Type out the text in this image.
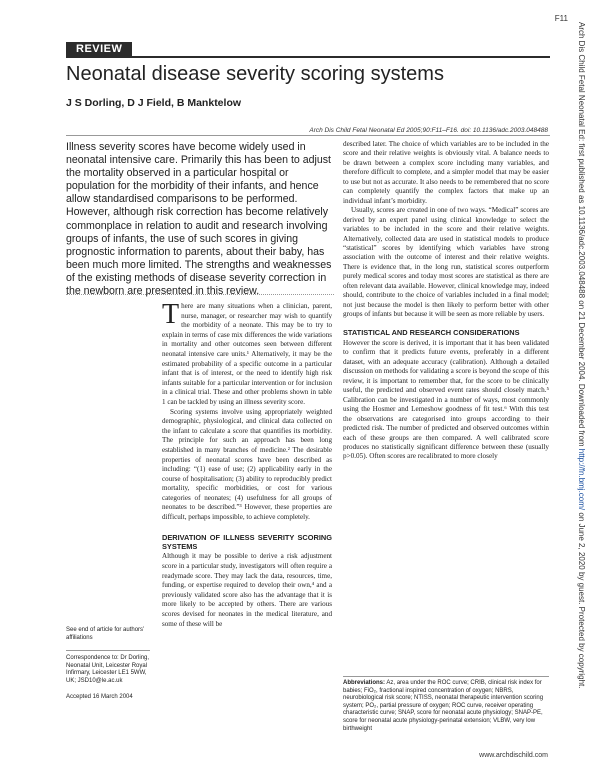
F11
REVIEW
Neonatal disease severity scoring systems
J S Dorling, D J Field, B Manktelow
Arch Dis Child Fetal Neonatal Ed 2005;90:F11–F16. doi: 10.1136/adc.2003.048488
Illness severity scores have become widely used in neonatal intensive care. Primarily this has been to adjust the mortality observed in a particular hospital or population for the morbidity of their infants, and hence allow standardised comparisons to be performed. However, although risk correction has become relatively commonplace in relation to audit and research involving groups of infants, the use of such scores in giving prognostic information to parents, about their baby, has been much more limited. The strengths and weaknesses of the existing methods of disease severity correction in the newborn are presented in this review.

There are many situations when a clinician, parent, nurse, manager, or researcher may wish to quantify the morbidity of a neonate. This may be to try to explain in terms of case mix differences the wide variations in mortality and other outcomes seen between different neonatal intensive care units.¹ Alternatively, it may be the estimated probability of a specific outcome in a particular infant that is of interest, or the need to identify high risk infants suitable for a particular intervention or for inclusion in a clinical trial. These and other problems shown in table 1 can be tackled by using an illness severity score.

Scoring systems involve using appropriately weighted demographic, physiological, and clinical data collected on the infant to calculate a score that quantifies its morbidity. The principle for such an approach has been long established in many branches of medicine.² The desirable properties of neonatal scores have been described as including: “(1) ease of use; (2) applicability early in the course of hospitalisation; (3) ability to reproducibly predict mortality, specific morbidities, or cost for various categories of neonates; (4) usefulness for all groups of neonates to be described.”³ However, these properties are difficult, perhaps impossible, to achieve completely.

DERIVATION OF ILLNESS SEVERITY SCORING SYSTEMS

Although it may be possible to derive a risk adjustment score in a particular study, investigators will often require a readymade score. They may lack the data, resources, time, funding, or expertise required to develop their own,⁴ and a previously validated score also has the advantage that it is more likely to be accepted by others. There are various scores devised for neonates in the medical literature, and some of these will be

described later. The choice of which variables are to be included in the score and their relative weights is obviously vital. A balance needs to be drawn between a complex score including many variables, and therefore difficult to complete, and a simpler model that may be easier to use but not as accurate. It also needs to be remembered that no score can completely quantify the complex factors that make up an individual infant’s morbidity.

Usually, scores are created in one of two ways. “Medical” scores are derived by an expert panel using clinical knowledge to select the variables to be included in the score and their relative weights. Alternatively, collected data are used in statistical models to produce “statistical” scores by identifying which variables have strong association with the outcome of interest and their relative weights. There is evidence that, in the long run, statistical scores outperform purely medical scores and today most scores are statistical as there are often relevant data available. However, clinical knowledge may, indeed should, contribute to the choice of variables included in a final model; not just because the model is then likely to perform better with other groups of infants but because it will be seen as more reliable by users.

STATISTICAL AND RESEARCH CONSIDERATIONS

However the score is derived, it is important that it has been validated to confirm that it predicts future events, preferably in a different dataset, with an adequate accuracy (calibration). Although a detailed discussion on methods for validating a score is beyond the scope of this review, it is important to remember that, for the score to be clinically useful, the predicted and observed event rates should closely match.⁵ Calibration can be investigated in a number of ways, most commonly using the Hosmer and Lemeshow goodness of fit test.⁶ With this test the observations are categorised into groups according to their predicted risk. The number of predicted and observed outcomes within each of these groups are then compared. A well calibrated score produces no statistically significant difference between these (usually p>0.05). Often scores are recalibrated to more closely

See end of article for authors’ affiliations

Correspondence to: Dr Dorling, Neonatal Unit, Leicester Royal Infirmary, Leicester LE1 5WW, UK; JSD10@le.ac.uk

Accepted 16 March 2004

Abbreviations: Az, area under the ROC curve; CRIB, clinical risk index for babies; FiO₂, fractional inspired concentration of oxygen; NBRS, neurobiological risk score; NTISS, neonatal therapeutic intervention scoring system; PO₂, partial pressure of oxygen; ROC curve, receiver operating characteristic curve; SNAP, score for neonatal acute physiology; SNAP-PE, score for neonatal acute physiology-perinatal extension; VLBW, very low birthweight
www.archdischild.com
Arch Dis Child Fetal Neonatal Ed: first published as 10.1136/adc.2003.048488 on 21 December 2004. Downloaded from http://fn.bmj.com/ on June 2, 2020 by guest. Protected by copyright.
